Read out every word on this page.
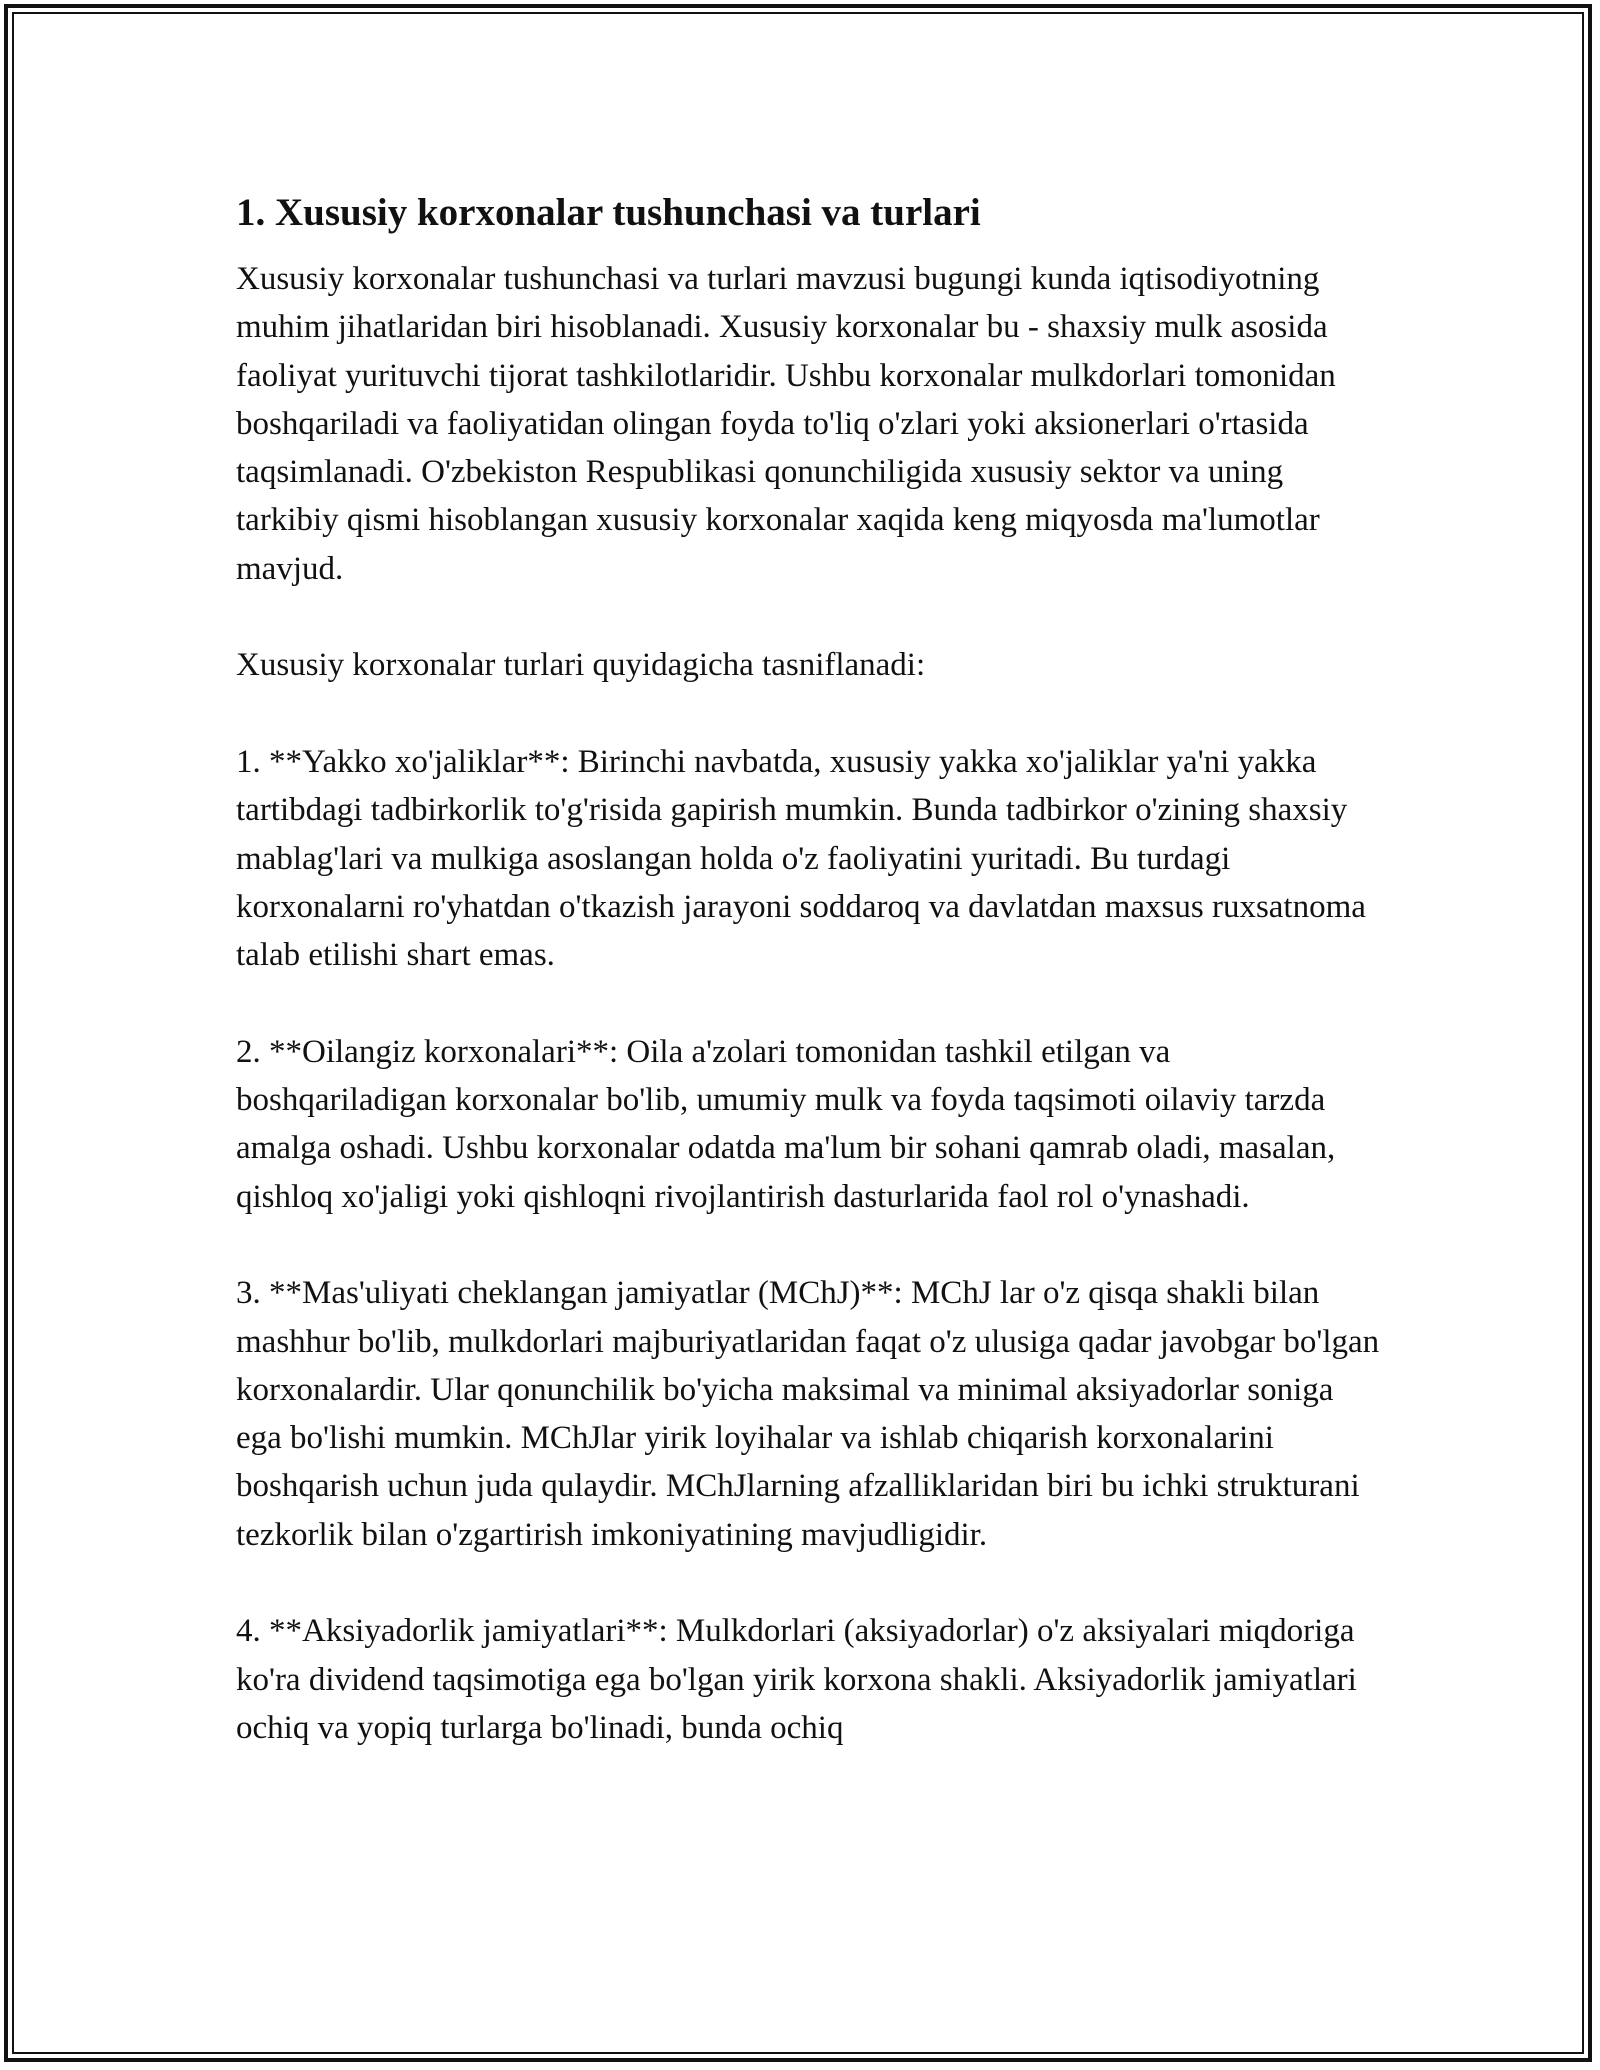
1. Xususiy korxonalar tushunchasi va turlari

Xususiy korxonalar tushunchasi va turlari mavzusi bugungi kunda iqtisodiyotning muhim jihatlaridan biri hisoblanadi. Xususiy korxonalar bu - shaxsiy mulk asosida faoliyat yurituvchi tijorat tashkilotlaridir. Ushbu korxonalar mulkdorlari tomonidan boshqariladi va faoliyatidan olingan foyda to'liq o'zlari yoki aksionerlari o'rtasida taqsimlanadi. O'zbekiston Respublikasi qonunchiligida xususiy sektor va uning tarkibiy qismi hisoblangan xususiy korxonalar xaqida keng miqyosda ma'lumotlar mavjud.

Xususiy korxonalar turlari quyidagicha tasniflanadi:

1. **Yakko xo'jaliklar**: Birinchi navbatda, xususiy yakka xo'jaliklar ya'ni yakka tartibdagi tadbirkorlik to'g'risida gapirish mumkin. Bunda tadbirkor o'zining shaxsiy mablag'lari va mulkiga asoslangan holda o'z faoliyatini yuritadi. Bu turdagi korxonalarni ro'yhatdan o'tkazish jarayoni soddaroq va davlatdan maxsus ruxsatnoma talab etilishi shart emas.

2. **Oilangiz korxonalari**: Oila a'zolari tomonidan tashkil etilgan va boshqariladigan korxonalar bo'lib, umumiy mulk va foyda taqsimoti oilaviy tarzda amalga oshadi. Ushbu korxonalar odatda ma'lum bir sohani qamrab oladi, masalan, qishloq xo'jaligi yoki qishloqni rivojlantirish dasturlarida faol rol o'ynashadi.

3. **Mas'uliyati cheklangan jamiyatlar (MChJ)**: MChJ lar o'z qisqa shakli bilan mashhur bo'lib, mulkdorlari majburiyatlaridan faqat o'z ulusiga qadar javobgar bo'lgan korxonalardir. Ular qonunchilik bo'yicha maksimal va minimal aksiyadorlar soniga ega bo'lishi mumkin. MChJlar yirik loyihalar va ishlab chiqarish korxonalarini boshqarish uchun juda qulaydir. MChJlarning afzalliklaridan biri bu ichki strukturani tezkorlik bilan o'zgartirish imkoniyatining mavjudligidir.

4. **Aksiyadorlik jamiyatlari**: Mulkdorlari (aksiyadorlar) o'z aksiyalari miqdoriga ko'ra dividend taqsimotiga ega bo'lgan yirik korxona shakli. Aksiyadorlik jamiyatlari ochiq va yopiq turlarga bo'linadi, bunda ochiq
